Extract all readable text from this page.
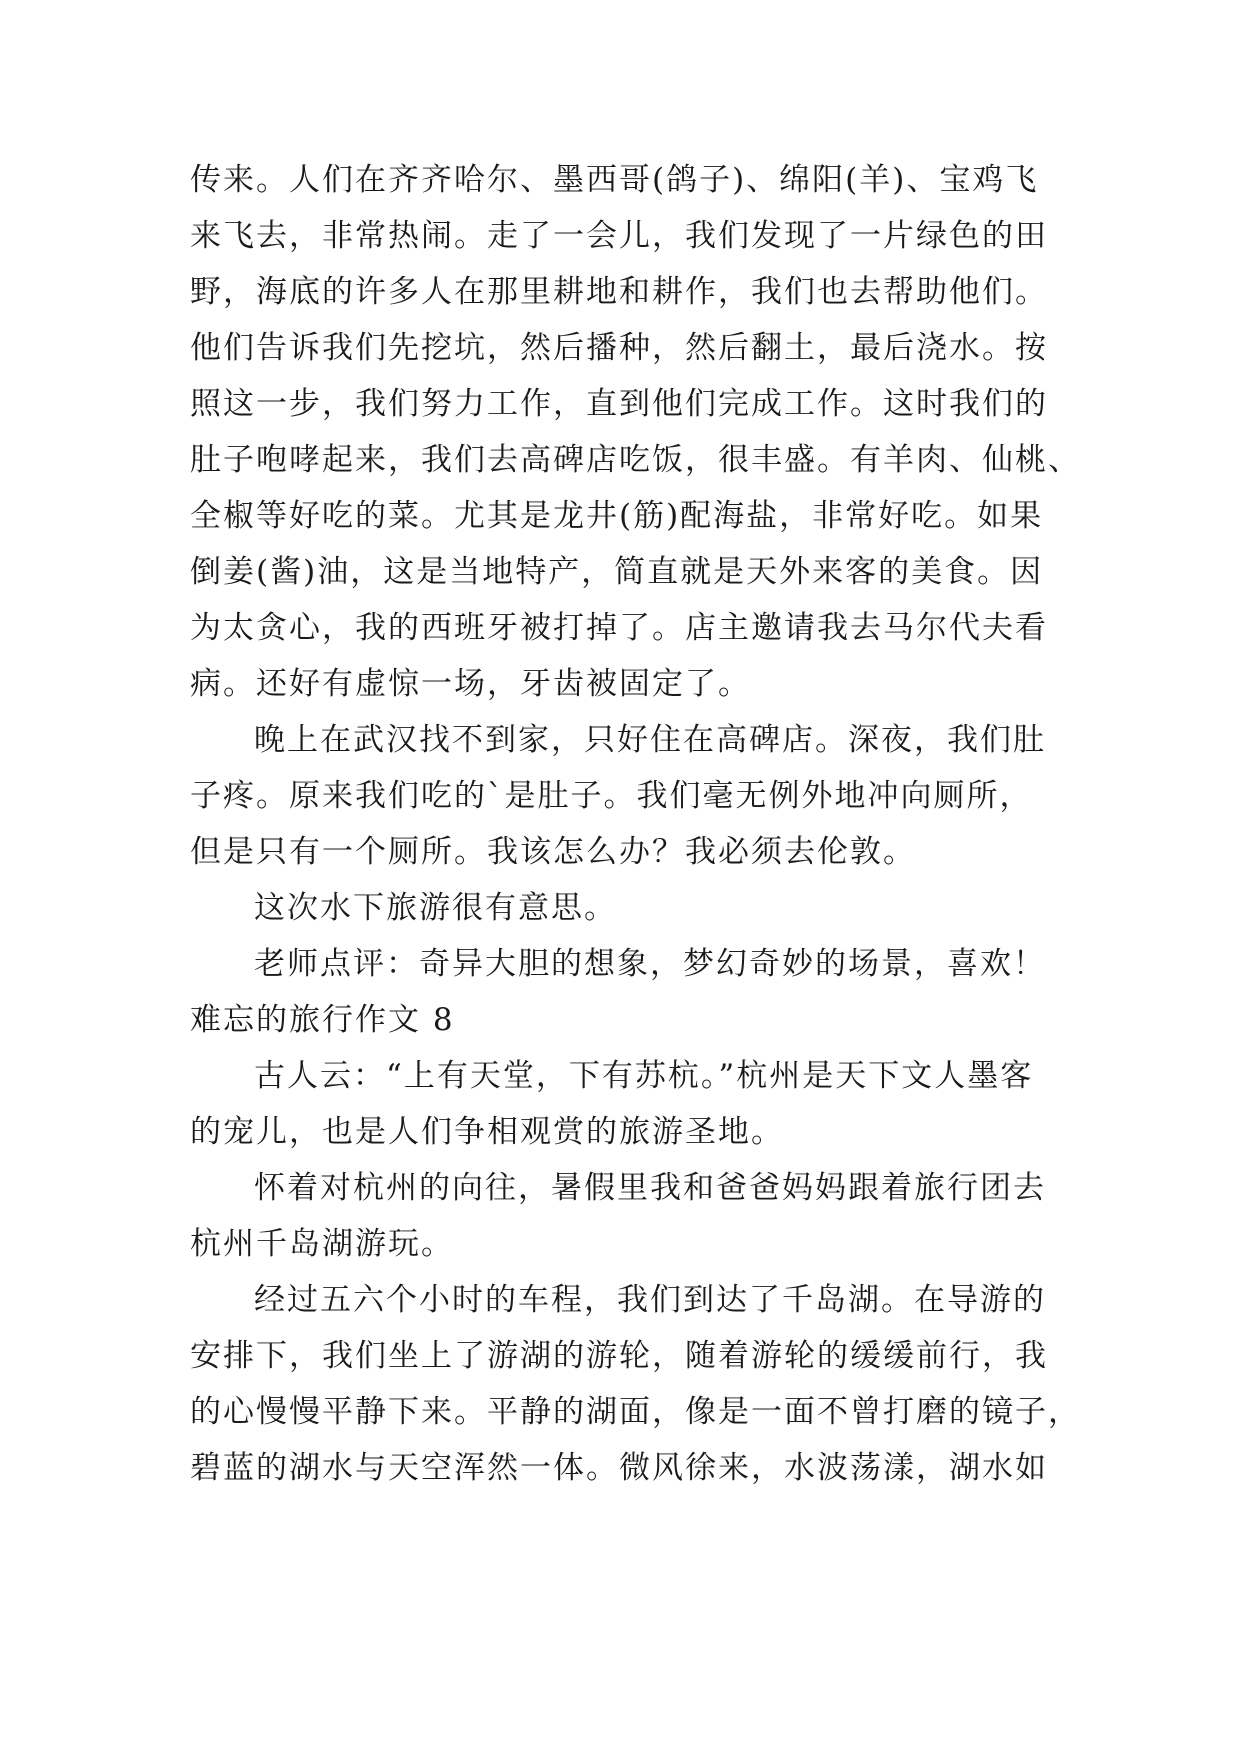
传来。人们在齐齐哈尔、墨西哥(鸽子)、绵阳(羊)、宝鸡飞
来飞去，非常热闹。走了一会儿，我们发现了一片绿色的田
野，海底的许多人在那里耕地和耕作，我们也去帮助他们。
他们告诉我们先挖坑，然后播种，然后翻土，最后浇水。按
照这一步，我们努力工作，直到他们完成工作。这时我们的
肚子咆哮起来，我们去高碑店吃饭，很丰盛。有羊肉、仙桃、
全椒等好吃的菜。尤其是龙井(筋)配海盐，非常好吃。如果
倒姜(酱)油，这是当地特产，简直就是天外来客的美食。因
为太贪心，我的西班牙被打掉了。店主邀请我去马尔代夫看
病。还好有虚惊一场，牙齿被固定了。
晚上在武汉找不到家，只好住在高碑店。深夜，我们肚
子疼。原来我们吃的`是肚子。我们毫无例外地冲向厕所，
但是只有一个厕所。我该怎么办？我必须去伦敦。
这次水下旅游很有意思。
老师点评：奇异大胆的想象，梦幻奇妙的场景，喜欢！
难忘的旅行作文 8
古人云：“上有天堂，下有苏杭。”杭州是天下文人墨客
的宠儿，也是人们争相观赏的旅游圣地。
怀着对杭州的向往，暑假里我和爸爸妈妈跟着旅行团去
杭州千岛湖游玩。
经过五六个小时的车程，我们到达了千岛湖。在导游的
安排下，我们坐上了游湖的游轮，随着游轮的缓缓前行，我
的心慢慢平静下来。平静的湖面，像是一面不曾打磨的镜子，
碧蓝的湖水与天空浑然一体。微风徐来，水波荡漾，湖水如
